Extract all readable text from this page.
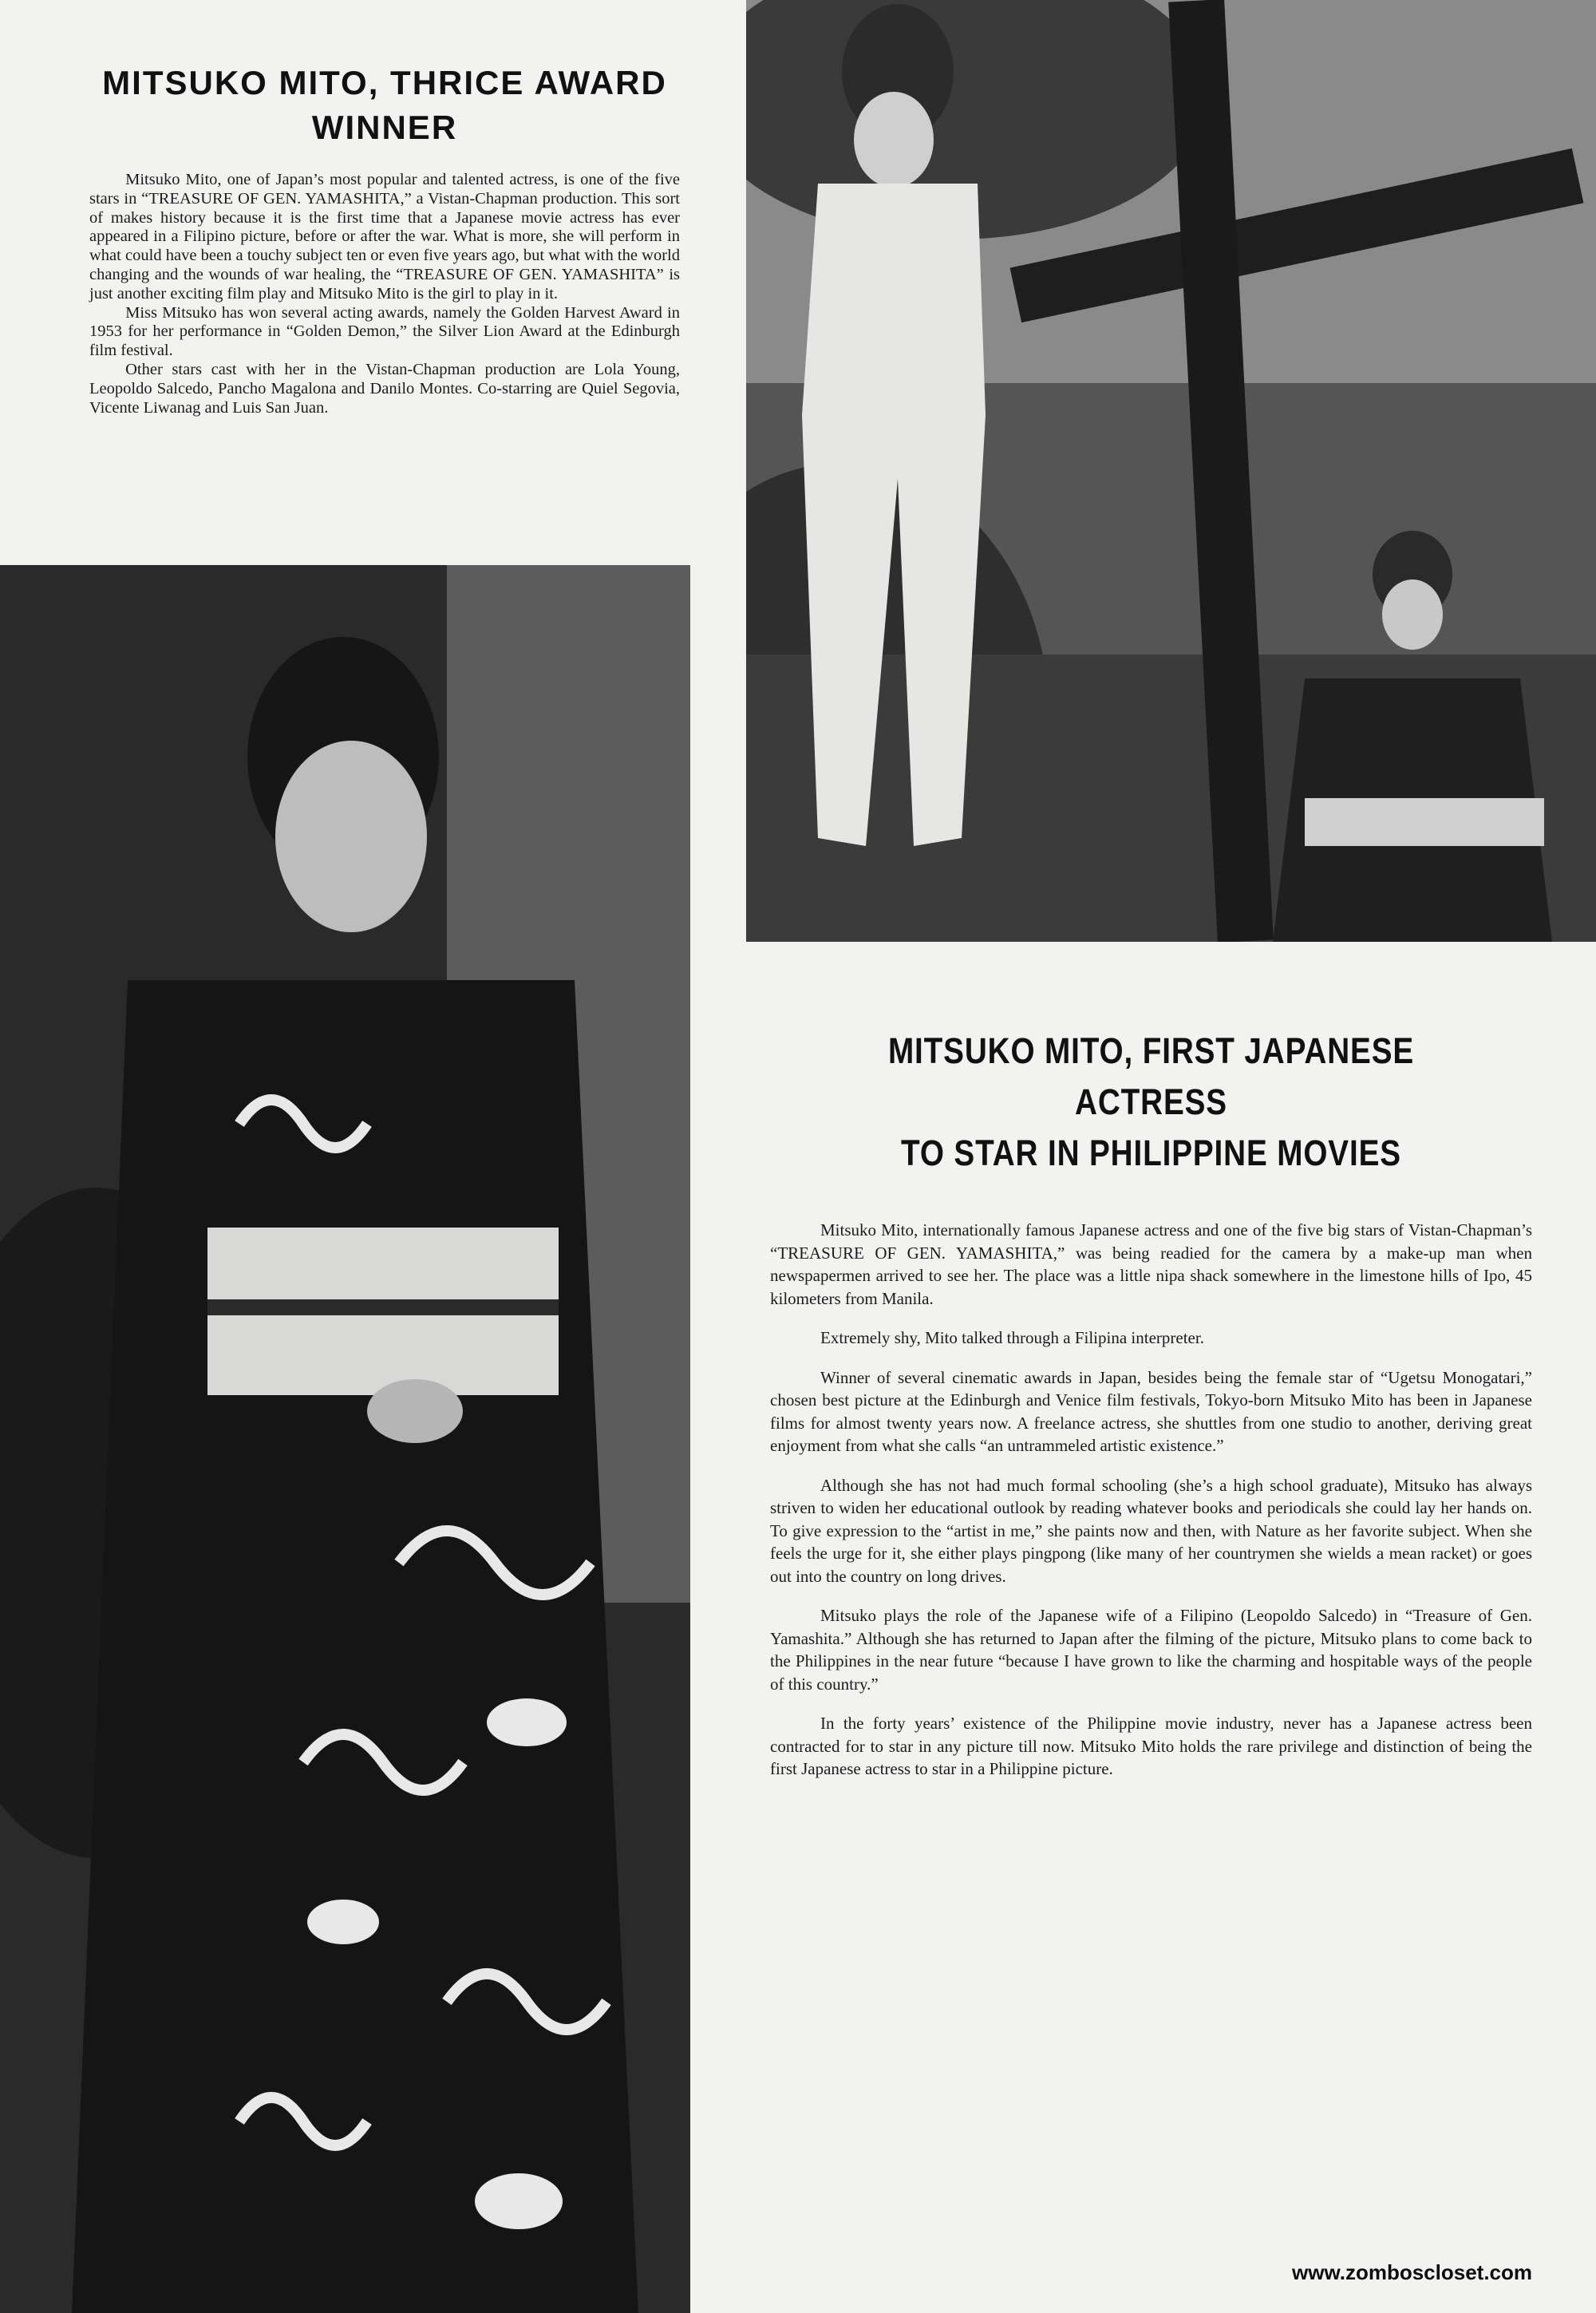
MITSUKO MITO, THRICE AWARD WINNER

Mitsuko Mito, one of Japan’s most popular and talented actress, is one of the five stars in “TREASURE OF GEN. YAMASHITA,” a Vistan-Chapman production. This sort of makes history because it is the first time that a Japanese movie actress has ever appeared in a Filipino picture, before or after the war. What is more, she will perform in what could have been a touchy subject ten or even five years ago, but what with the world changing and the wounds of war healing, the “TREASURE OF GEN. YAMASHITA” is just another exciting film play and Mitsuko Mito is the girl to play in it.

Miss Mitsuko has won several acting awards, namely the Golden Harvest Award in 1953 for her performance in “Golden Demon,” the Silver Lion Award at the Edinburgh film festival.

Other stars cast with her in the Vistan-Chapman production are Lola Young, Leopoldo Salcedo, Pancho Magalona and Danilo Montes. Co-starring are Quiel Segovia, Vicente Liwanag and Luis San Juan.

MITSUKO MITO, FIRST JAPANESE ACTRESS
TO STAR IN PHILIPPINE MOVIES

Mitsuko Mito, internationally famous Japanese actress and one of the five big stars of Vistan-Chapman’s “TREASURE OF GEN. YAMASHITA,” was being readied for the camera by a make-up man when newspapermen arrived to see her. The place was a little nipa shack somewhere in the limestone hills of Ipo, 45 kilometers from Manila.

Extremely shy, Mito talked through a Filipina interpreter.

Winner of several cinematic awards in Japan, besides being the female star of “Ugetsu Monogatari,” chosen best picture at the Edinburgh and Venice film festivals, Tokyo-born Mitsuko Mito has been in Japanese films for almost twenty years now. A freelance actress, she shuttles from one studio to another, deriving great enjoyment from what she calls “an untrammeled artistic existence.”

Although she has not had much formal schooling (she’s a high school graduate), Mitsuko has always striven to widen her educational outlook by reading whatever books and periodicals she could lay her hands on. To give expression to the “artist in me,” she paints now and then, with Nature as her favorite subject. When she feels the urge for it, she either plays pingpong (like many of her countrymen she wields a mean racket) or goes out into the country on long drives.

Mitsuko plays the role of the Japanese wife of a Filipino (Leopoldo Salcedo) in “Treasure of Gen. Yamashita.” Although she has returned to Japan after the filming of the picture, Mitsuko plans to come back to the Philippines in the near future “because I have grown to like the charming and hospitable ways of the people of this country.”

In the forty years’ existence of the Philippine movie industry, never has a Japanese actress been contracted for to star in any picture till now. Mitsuko Mito holds the rare privilege and distinction of being the first Japanese actress to star in a Philippine picture.

www.zomboscloset.com
